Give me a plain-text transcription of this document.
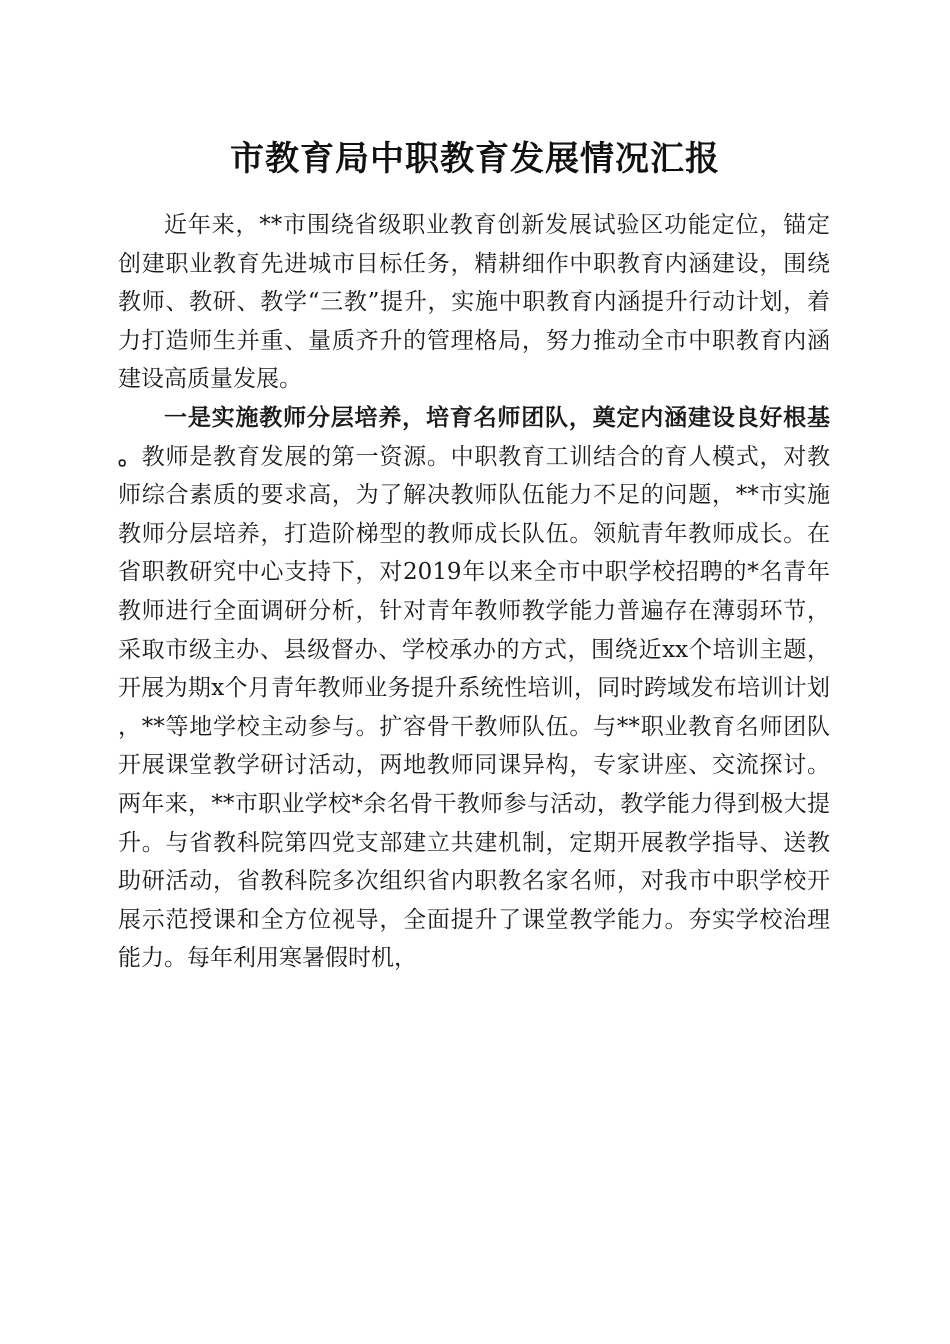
市教育局中职教育发展情况汇报

近年来，**市围绕省级职业教育创新发展试验区功能定位，锚定创建职业教育先进城市目标任务，精耕细作中职教育内涵建设，围绕教师、教研、教学“三教”提升，实施中职教育内涵提升行动计划，着力打造师生并重、量质齐升的管理格局，努力推动全市中职教育内涵建设高质量发展。

一是实施教师分层培养，培育名师团队，奠定内涵建设良好根基。教师是教育发展的第一资源。中职教育工训结合的育人模式，对教师综合素质的要求高，为了解决教师队伍能力不足的问题，**市实施教师分层培养，打造阶梯型的教师成长队伍。领航青年教师成长。在省职教研究中心支持下，对2019年以来全市中职学校招聘的*名青年教师进行全面调研分析，针对青年教师教学能力普遍存在薄弱环节，采取市级主办、县级督办、学校承办的方式，围绕近xx个培训主题，开展为期x个月青年教师业务提升系统性培训，同时跨域发布培训计划，**等地学校主动参与。扩容骨干教师队伍。与**职业教育名师团队开展课堂教学研讨活动，两地教师同课异构，专家讲座、交流探讨。两年来，**市职业学校*余名骨干教师参与活动，教学能力得到极大提升。与省教科院第四党支部建立共建机制，定期开展教学指导、送教助研活动，省教科院多次组织省内职教名家名师，对我市中职学校开展示范授课和全方位视导，全面提升了课堂教学能力。夯实学校治理能力。每年利用寒暑假时机，
